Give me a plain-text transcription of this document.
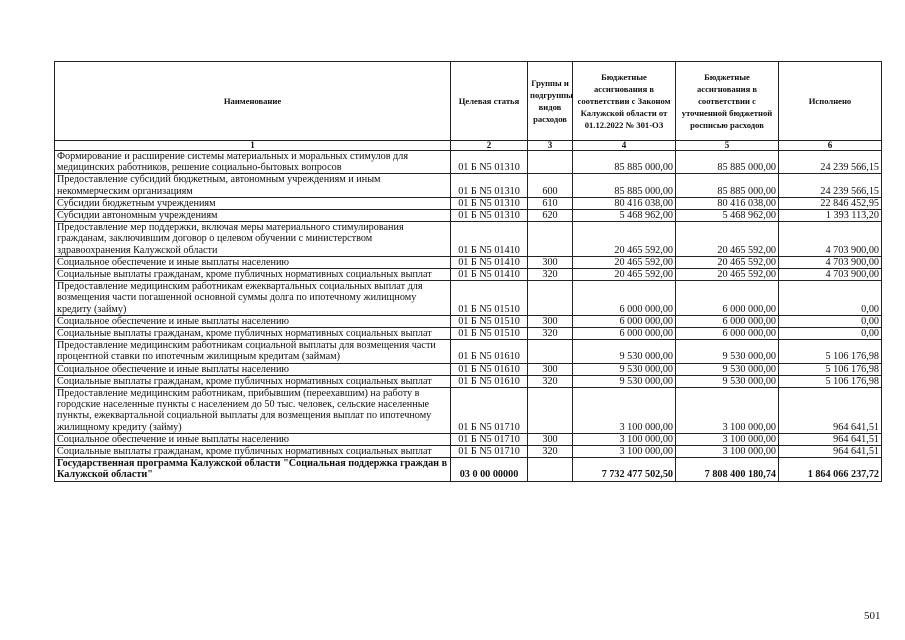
Наименование	Целевая статья	Группы и подгруппы видов расходов	Бюджетные ассигнования в соответствии с Законом Калужской области от 01.12.2022 № 301-ОЗ	Бюджетные ассигнования в соответствии с уточненной бюджетной росписью расходов	Исполнено
1	2	3	4	5	6
Формирование и расширение системы материальных и моральных стимулов для медицинских работников, решение социально-бытовых вопросов	01 Б N5 01310		85 885 000,00	85 885 000,00	24 239 566,15
Предоставление субсидий бюджетным, автономным учреждениям и иным некоммерческим организациям	01 Б N5 01310	600	85 885 000,00	85 885 000,00	24 239 566,15
Субсидии бюджетным учреждениям	01 Б N5 01310	610	80 416 038,00	80 416 038,00	22 846 452,95
Субсидии автономным учреждениям	01 Б N5 01310	620	5 468 962,00	5 468 962,00	1 393 113,20
Предоставление мер поддержки, включая меры материального стимулирования гражданам, заключившим договор о целевом обучении с министерством здравоохранения Калужской области	01 Б N5 01410		20 465 592,00	20 465 592,00	4 703 900,00
Социальное обеспечение и иные выплаты населению	01 Б N5 01410	300	20 465 592,00	20 465 592,00	4 703 900,00
Социальные выплаты гражданам, кроме публичных нормативных социальных выплат	01 Б N5 01410	320	20 465 592,00	20 465 592,00	4 703 900,00
Предоставление медицинским работникам ежеквартальных социальных выплат для возмещения части погашенной основной суммы долга по ипотечному жилищному кредиту (займу)	01 Б N5 01510		6 000 000,00	6 000 000,00	0,00
Социальное обеспечение и иные выплаты населению	01 Б N5 01510	300	6 000 000,00	6 000 000,00	0,00
Социальные выплаты гражданам, кроме публичных нормативных социальных выплат	01 Б N5 01510	320	6 000 000,00	6 000 000,00	0,00
Предоставление медицинским работникам социальной выплаты для возмещения части процентной ставки по ипотечным жилищным кредитам (займам)	01 Б N5 01610		9 530 000,00	9 530 000,00	5 106 176,98
Социальное обеспечение и иные выплаты населению	01 Б N5 01610	300	9 530 000,00	9 530 000,00	5 106 176,98
Социальные выплаты гражданам, кроме публичных нормативных социальных выплат	01 Б N5 01610	320	9 530 000,00	9 530 000,00	5 106 176,98
Предоставление медицинским работникам, прибывшим (переехавшим) на работу в городские населенные пункты с населением до 50 тыс. человек, сельские населенные пункты, ежеквартальной социальной выплаты для возмещения выплат по ипотечному жилищному кредиту (займу)	01 Б N5 01710		3 100 000,00	3 100 000,00	964 641,51
Социальное обеспечение и иные выплаты населению	01 Б N5 01710	300	3 100 000,00	3 100 000,00	964 641,51
Социальные выплаты гражданам, кроме публичных нормативных социальных выплат	01 Б N5 01710	320	3 100 000,00	3 100 000,00	964 641,51
Государственная программа Калужской области "Социальная поддержка граждан в Калужской области"	03 0 00 00000		7 732 477 502,50	7 808 400 180,74	1 864 066 237,72
501
